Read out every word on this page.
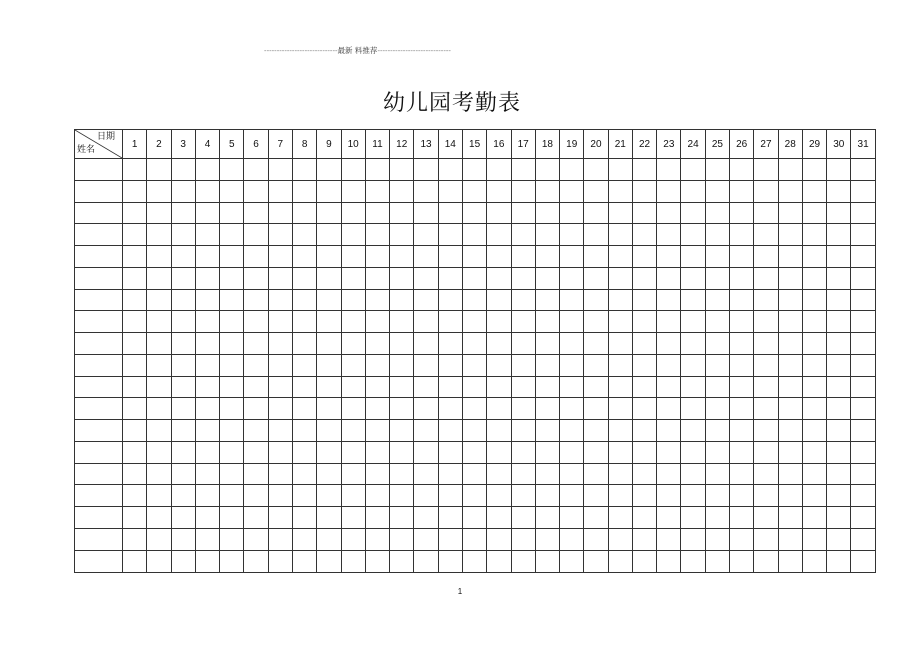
-----------------------------最新 料推荐-----------------------------
幼儿园考勤表
日期
姓名	1	2	3	4	5	6	7	8	9	10	11	12	13	14	15	16	17	18	19	20	21	22	23	24	25	26	27	28	29	30	31

1
